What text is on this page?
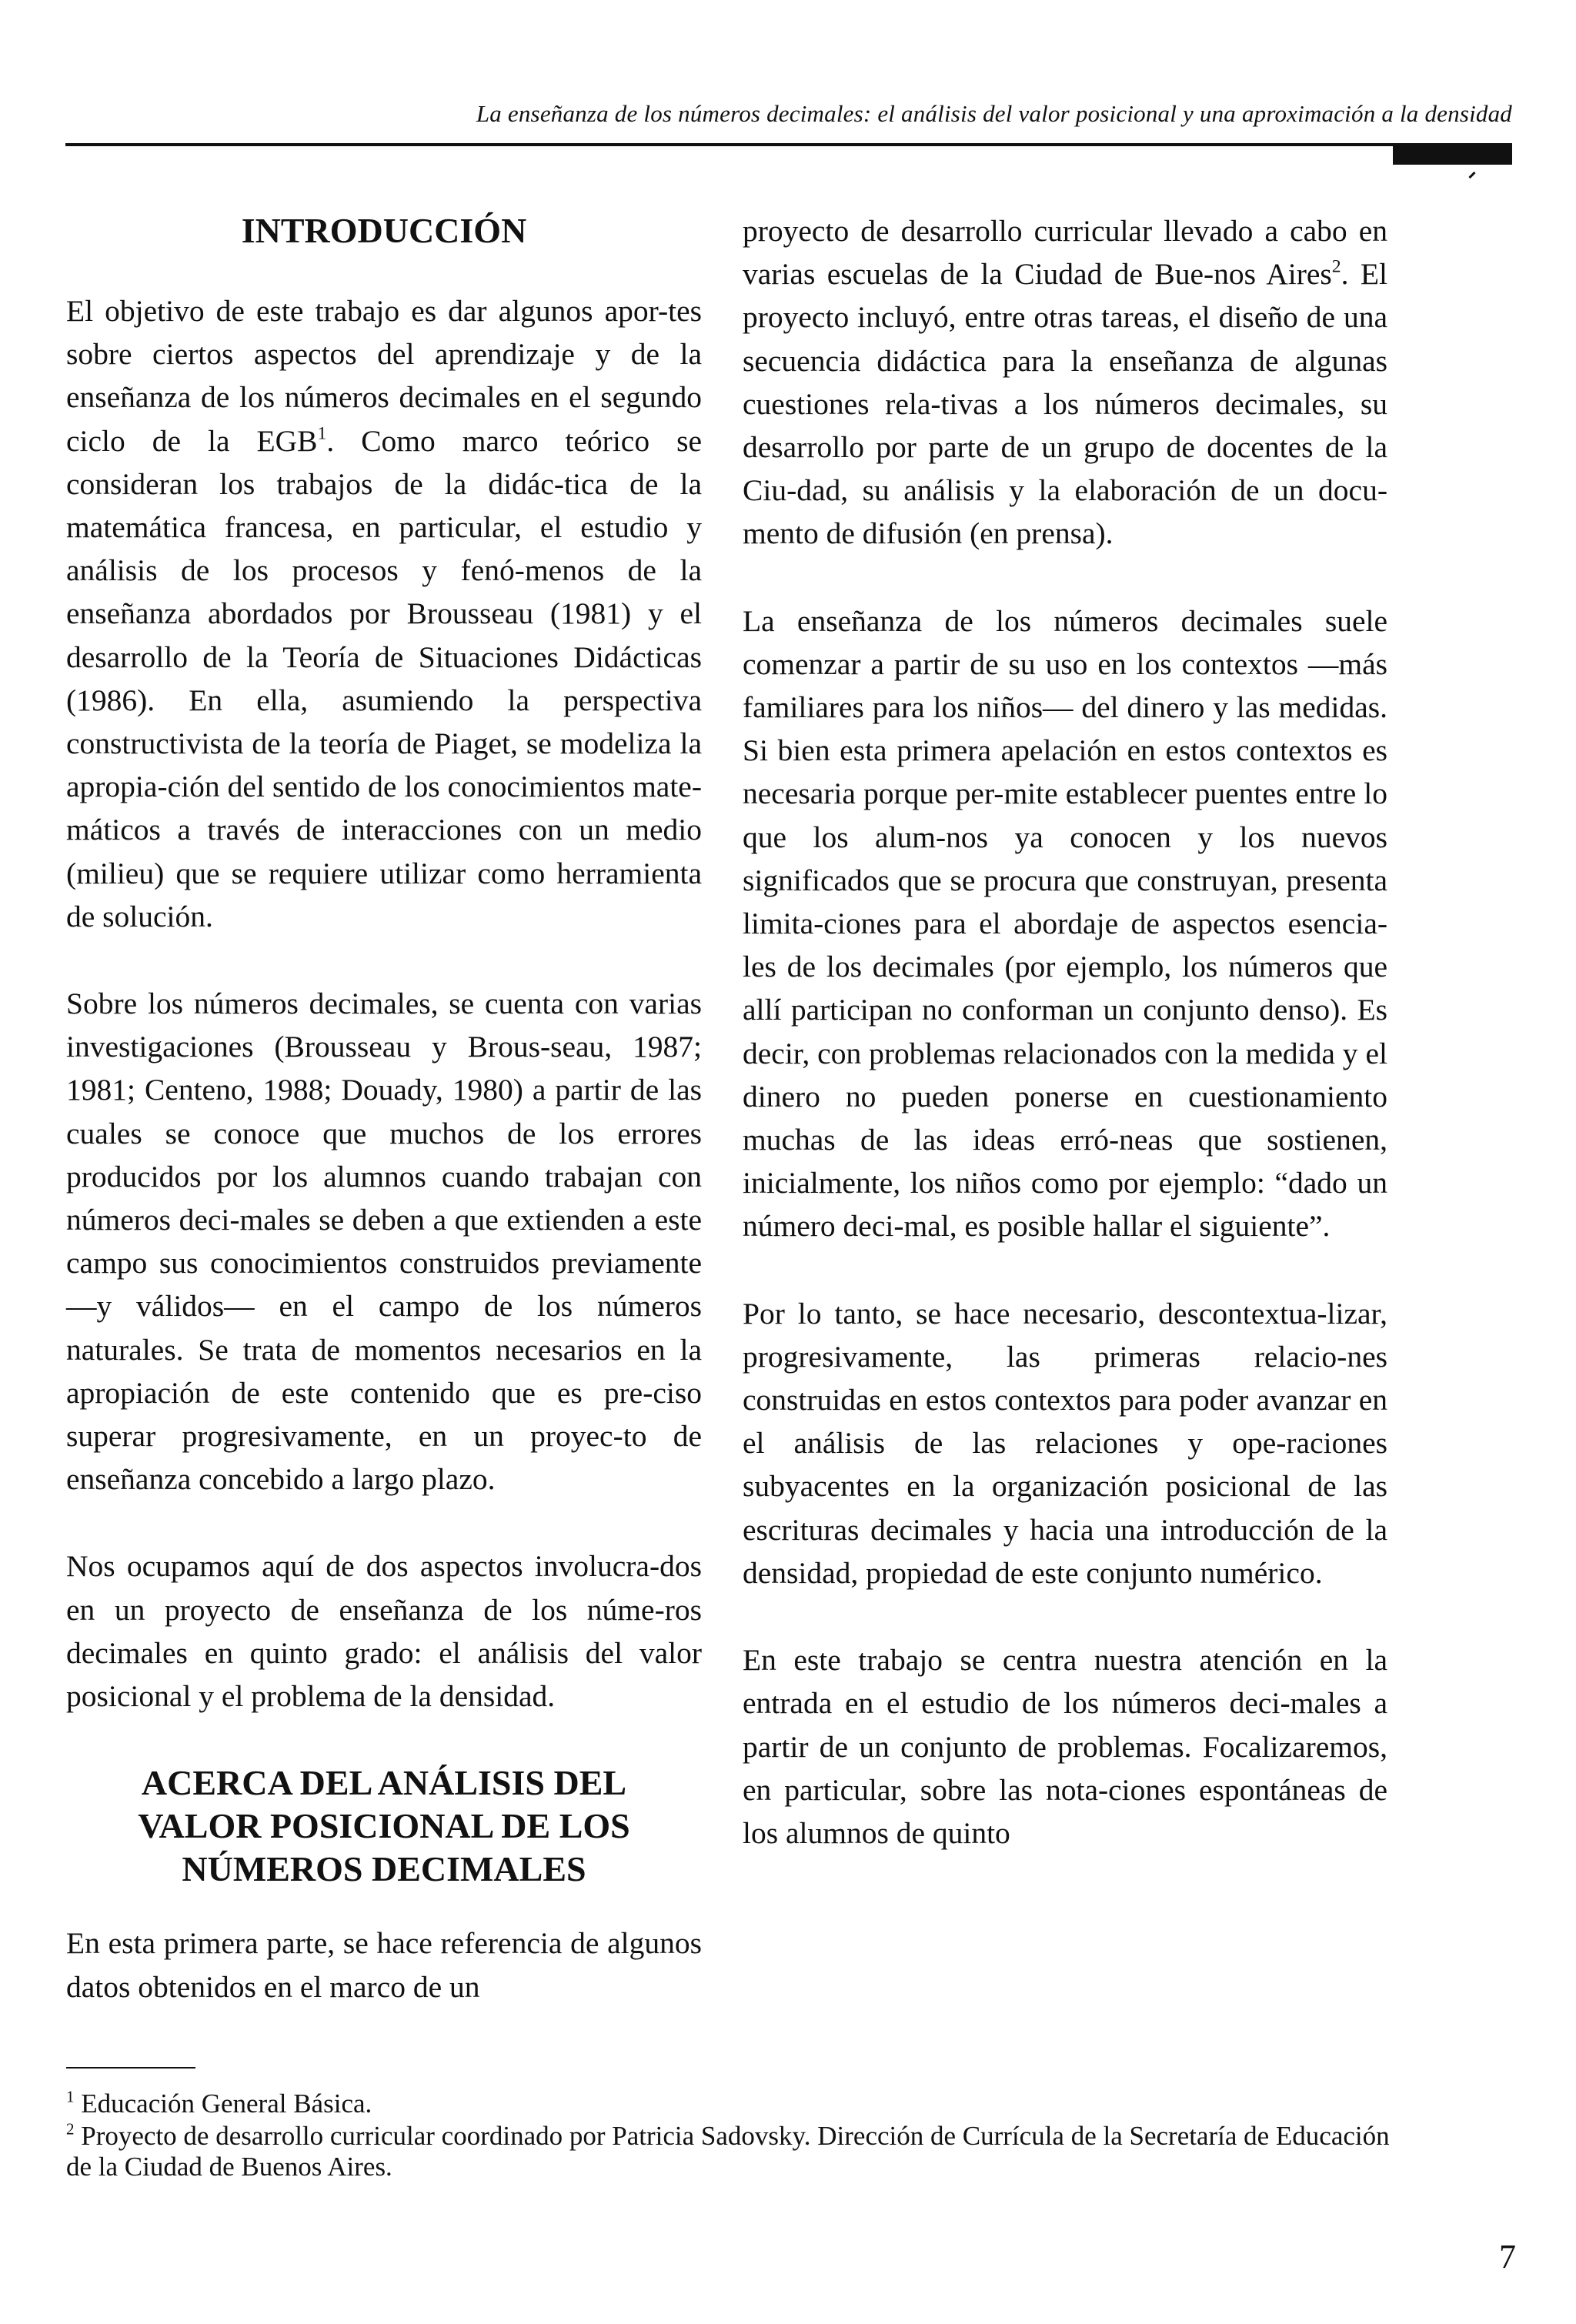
La enseñanza de los números decimales: el análisis del valor posicional y una aproximación a la densidad
INTRODUCCIÓN

El objetivo de este trabajo es dar algunos apor-tes sobre ciertos aspectos del aprendizaje y de la enseñanza de los números decimales en el segundo ciclo de la EGB$^1$. Como marco teórico se consideran los trabajos de la didác-tica de la matemática francesa, en particular, el estudio y análisis de los procesos y fenó-menos de la enseñanza abordados por Brousseau (1981) y el desarrollo de la Teoría de Situaciones Didácticas (1986). En ella, asumiendo la perspectiva constructivista de la teoría de Piaget, se modeliza la apropia-ción del sentido de los conocimientos mate-máticos a través de interacciones con un medio (milieu) que se requiere utilizar como herramienta de solución.

Sobre los números decimales, se cuenta con varias investigaciones (Brousseau y Brous-seau, 1987; 1981; Centeno, 1988; Douady, 1980) a partir de las cuales se conoce que muchos de los errores producidos por los alumnos cuando trabajan con números deci-males se deben a que extienden a este campo sus conocimientos construidos previamente —y válidos— en el campo de los números naturales. Se trata de momentos necesarios en la apropiación de este contenido que es pre-ciso superar progresivamente, en un proyec-to de enseñanza concebido a largo plazo.

Nos ocupamos aquí de dos aspectos involucra-dos en un proyecto de enseñanza de los núme-ros decimales en quinto grado: el análisis del valor posicional y el problema de la densidad.

ACERCA DEL ANÁLISIS DEL
VALOR POSICIONAL DE LOS
NÚMEROS DECIMALES

En esta primera parte, se hace referencia de algunos datos obtenidos en el marco de un

proyecto de desarrollo curricular llevado a cabo en varias escuelas de la Ciudad de Bue-nos Aires$^2$. El proyecto incluyó, entre otras tareas, el diseño de una secuencia didáctica para la enseñanza de algunas cuestiones rela-tivas a los números decimales, su desarrollo por parte de un grupo de docentes de la Ciu-dad, su análisis y la elaboración de un docu-mento de difusión (en prensa).

La enseñanza de los números decimales suele comenzar a partir de su uso en los contextos —más familiares para los niños— del dinero y las medidas. Si bien esta primera apelación en estos contextos es necesaria porque per-mite establecer puentes entre lo que los alum-nos ya conocen y los nuevos significados que se procura que construyan, presenta limita-ciones para el abordaje de aspectos esencia-les de los decimales (por ejemplo, los números que allí participan no conforman un conjunto denso). Es decir, con problemas relacionados con la medida y el dinero no pueden ponerse en cuestionamiento muchas de las ideas erró-neas que sostienen, inicialmente, los niños como por ejemplo: “dado un número deci-mal, es posible hallar el siguiente”.

Por lo tanto, se hace necesario, descontextua-lizar, progresivamente, las primeras relacio-nes construidas en estos contextos para poder avanzar en el análisis de las relaciones y ope-raciones subyacentes en la organización posicional de las escrituras decimales y hacia una introducción de la densidad, propiedad de este conjunto numérico.

En este trabajo se centra nuestra atención en la entrada en el estudio de los números deci-males a partir de un conjunto de problemas. Focalizaremos, en particular, sobre las nota-ciones espontáneas de los alumnos de quinto

$^1$ Educación General Básica.
$^2$ Proyecto de desarrollo curricular coordinado por Patricia Sadovsky. Dirección de Currícula de la Secretaría de Educación de la Ciudad de Buenos Aires.
7
